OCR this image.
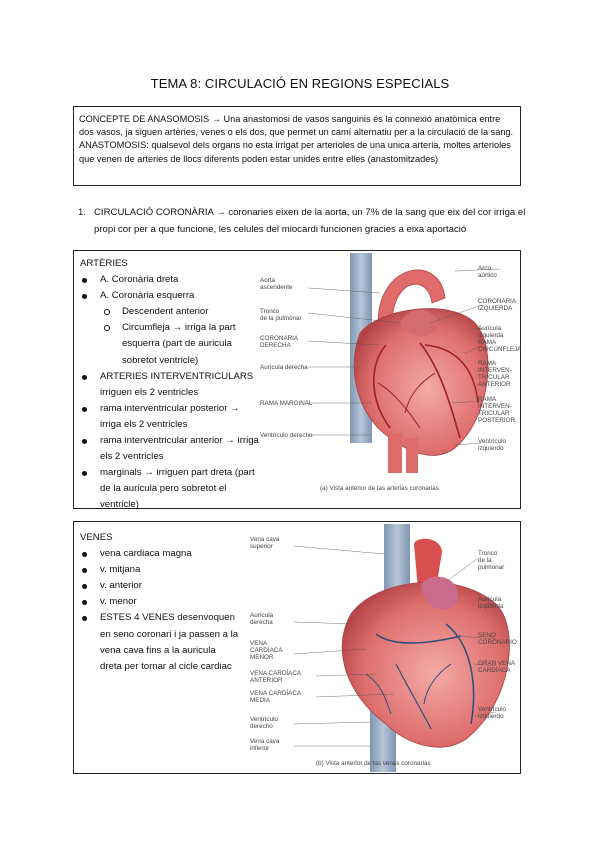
TEMA 8: CIRCULACIÓ EN REGIONS ESPECIALS
CONCEPTE DE ANASOMOSIS → Una anastomosi de vasos sanguinis és la connexió anatòmica entre dos vasos, ja siguen artèries, venes o els dos, que permet un camí alternatiu per a la circulació de la sang. ANASTOMOSIS: qualsevol dels organs no esta irrigat per arterioles de una unica arteria, moltes arterioles que venen de arteries de llocs diferents poden estar unides entre elles (anastomitzades)
1. CIRCULACIÓ CORONÀRIA → coronaries eixen de la aorta, un 7% de la sang que eix del cor irriga el propi cor per a que funcione, les celules del miocardi funcionen gracies a eixa aportació
ARTÈRIES
A. Coronària dreta
A. Coronària esquerra
Descendent anterior
Circumfleja → irriga la part esquerra (part de auricula sobretot ventricle)
ARTERIES INTERVENTRICULARS irriguen els 2 ventricles
rama interventricular posterior → irriga els 2 ventricles
rama interventricular anterior → irriga els 2 ventricles
marginals → irriguen part dreta (part de la auricula pero sobretot el ventricle)
Aorta
ascendente
Tronco
de la pulmonar
CORONARIA
DERECHA
Aurícula derecha
RAMA MARGINAL
Ventrículo derecho
Arco
aórtico
CORONARIA
IZQUIERDA
Aurícula izquierda
RAMA
CIRCUNFLEJA
RAMA
INTERVEN-
TRICULAR
ANTERIOR
RAMA
INTERVEN-
TRICULAR
POSTERIOR
Ventrículo
izquierdo
(a) Vista anterior de las arterias coronarias
VENES
vena cardiaca magna
v. mitjana
v. anterior
v. menor
ESTES 4 VENES desenvoquen en seno coronari i ja passen a la vena cava fins a la auricula dreta per tornar al cicle cardiac
Vena cava
superior
Aurícula
derecha
VENA
CARDÍACA
MENOR
VENA CARDÍACA
ANTERIOR
VENA CARDÍACA
MEDIA
Ventrículo
derecho
Vena cava
inferior
Tronco
de la
pulmonar
Aurícula
izquierda
SENO
CORONARIO
GRAN VENA
CARDÍACA
Ventrículo
izquierdo
(b) Vista anterior de las venas coronarias
